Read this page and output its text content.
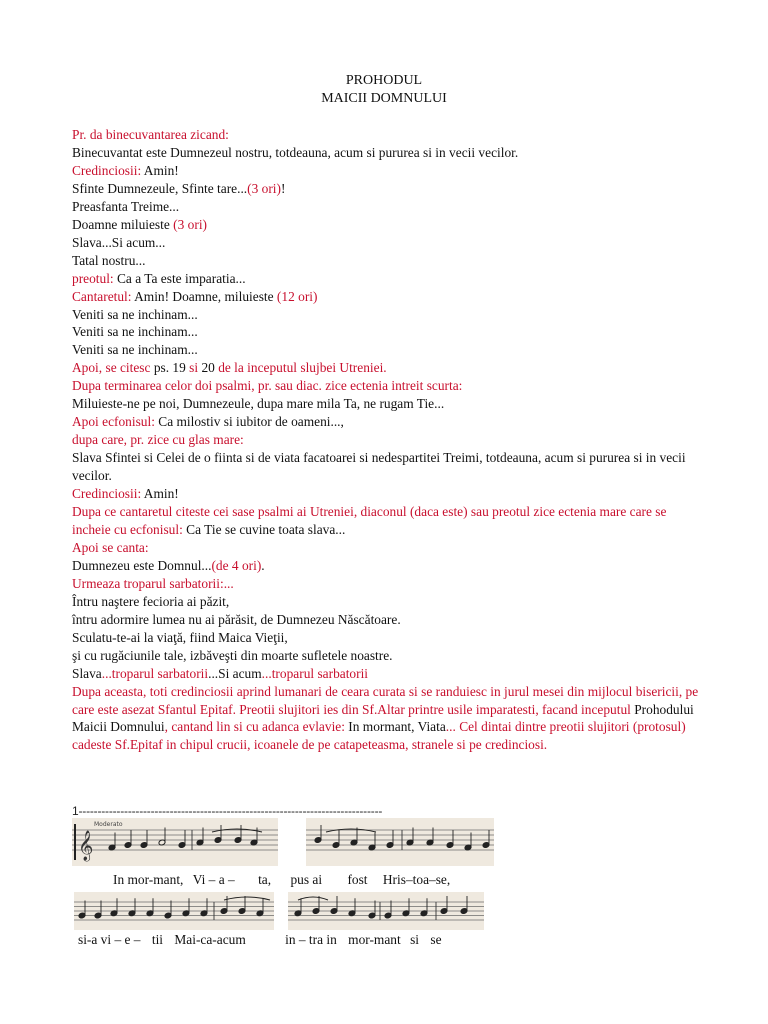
PROHODUL
MAICII DOMNULUI

Pr. da binecuvantarea zicand:

Binecuvantat este Dumnezeul nostru, totdeauna, acum si pururea si in vecii vecilor.

Credinciosii: Amin!

Sfinte Dumnezeule, Sfinte tare...(3 ori)!

Preasfanta Treime...

Doamne miluieste (3 ori)

Slava...Si acum...

Tatal nostru...

preotul: Ca a Ta este imparatia...

Cantaretul: Amin! Doamne, miluieste (12 ori)

Veniti sa ne inchinam...

Veniti sa ne inchinam...

Veniti sa ne inchinam...

Apoi, se citesc ps. 19 si 20 de la inceputul slujbei Utreniei.

Dupa terminarea celor doi psalmi, pr. sau diac. zice ectenia intreit scurta:

Miluieste-ne pe noi, Dumnezeule, dupa mare mila Ta, ne rugam Tie...

Apoi ecfonisul: Ca milostiv si iubitor de oameni...,

dupa care, pr. zice cu glas mare:

Slava Sfintei si Celei de o fiinta si de viata facatoarei si nedespartitei Treimi, totdeauna, acum si pururea si in vecii vecilor.

Credinciosii: Amin!

Dupa ce cantaretul citeste cei sase psalmi ai Utreniei, diaconul (daca este) sau preotul zice ectenia mare care se incheie cu ecfonisul: Ca Tie se cuvine toata slava...

Apoi se canta:

Dumnezeu este Domnul...(de 4 ori).

Urmeaza troparul sarbatorii:...

Întru naştere fecioria ai păzit,

întru adormire lumea nu ai părăsit, de Dumnezeu Născătoare.

Sculatu-te-ai la viaţă, fiind Maica Vieţii,

şi cu rugăciunile tale, izbăveşti din moarte sufletele noastre.

Slava...troparul sarbatorii...Si acum...troparul sarbatorii

Dupa aceasta, toti credinciosii aprind lumanari de ceara curata si se randuiesc in jurul mesei din mijlocul bisericii, pe care este asezat Sfantul Epitaf. Preotii slujitori ies din Sf.Altar printre usile imparatesti, facand inceputul Prohodului Maicii Domnului, cantand lin si cu adanca evlavie: In mormant, Viata... Cel dintai dintre preotii slujitori (protosul) cadeste Sf.Epitaf in chipul crucii, icoanele de pe catapeteasma, stranele si pe credinciosi.

1--------------------------------------------------------------------------------
𝄞
Moderato
In mor-mant, Vi – a – ta, pus ai fost Hris–toa–se,
si-a vi – e – tii Mai-ca-acum	in – tra in mor-mant si se
